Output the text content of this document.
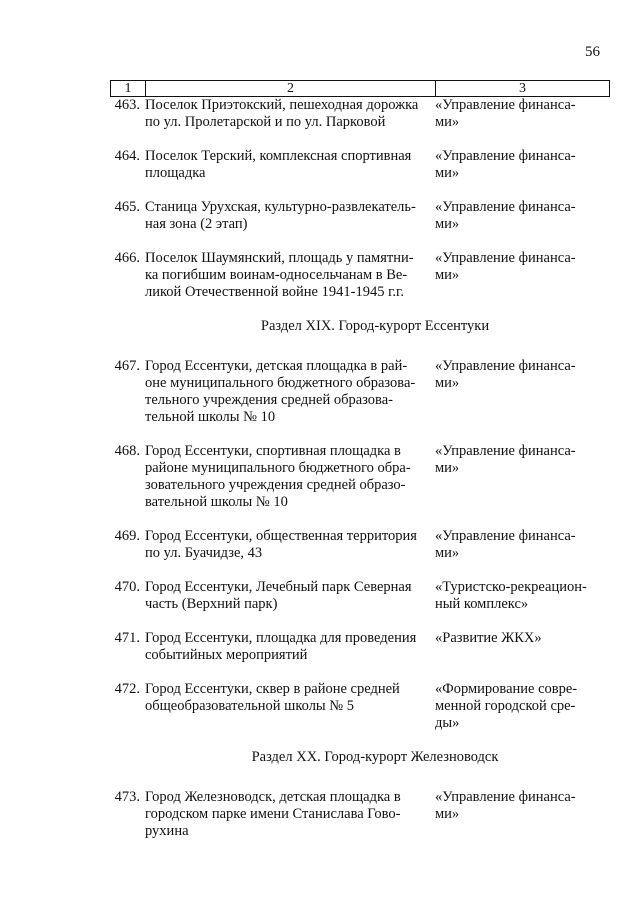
56
1	2	3
463. Поселок Приэтокский, пешеходная дорожка
по ул. Пролетарской и по ул. Парковой
«Управление финанса-
ми»
464. Поселок Терский, комплексная спортивная
площадка
«Управление финанса-
ми»
465. Станица Урухская, культурно-развлекатель-
ная зона (2 этап)
«Управление финанса-
ми»
466. Поселок Шаумянский, площадь у памятни-
ка погибшим воинам-односельчанам в Ве-
ликой Отечественной войне 1941-1945 г.г.
«Управление финанса-
ми»
Раздел XIX. Город-курорт Ессентуки
467. Город Ессентуки, детская площадка в рай-
оне муниципального бюджетного образова-
тельного учреждения средней образова-
тельной школы № 10
«Управление финанса-
ми»
468. Город Ессентуки, спортивная площадка в
районе муниципального бюджетного обра-
зовательного учреждения средней образо-
вательной школы № 10
«Управление финанса-
ми»
469. Город Ессентуки, общественная территория
по ул. Буачидзе, 43
«Управление финанса-
ми»
470. Город Ессентуки, Лечебный парк Северная
часть (Верхний парк)
«Туристско-рекреацион-
ный комплекс»
471. Город Ессентуки, площадка для проведения
событийных мероприятий
«Развитие ЖКХ»
472. Город Ессентуки, сквер в районе средней
общеобразовательной школы № 5
«Формирование совре-
менной городской сре-
ды»
Раздел XX. Город-курорт Железноводск
473. Город Железноводск, детская площадка в
городском парке имени Станислава Гово-
рухина
«Управление финанса-
ми»
